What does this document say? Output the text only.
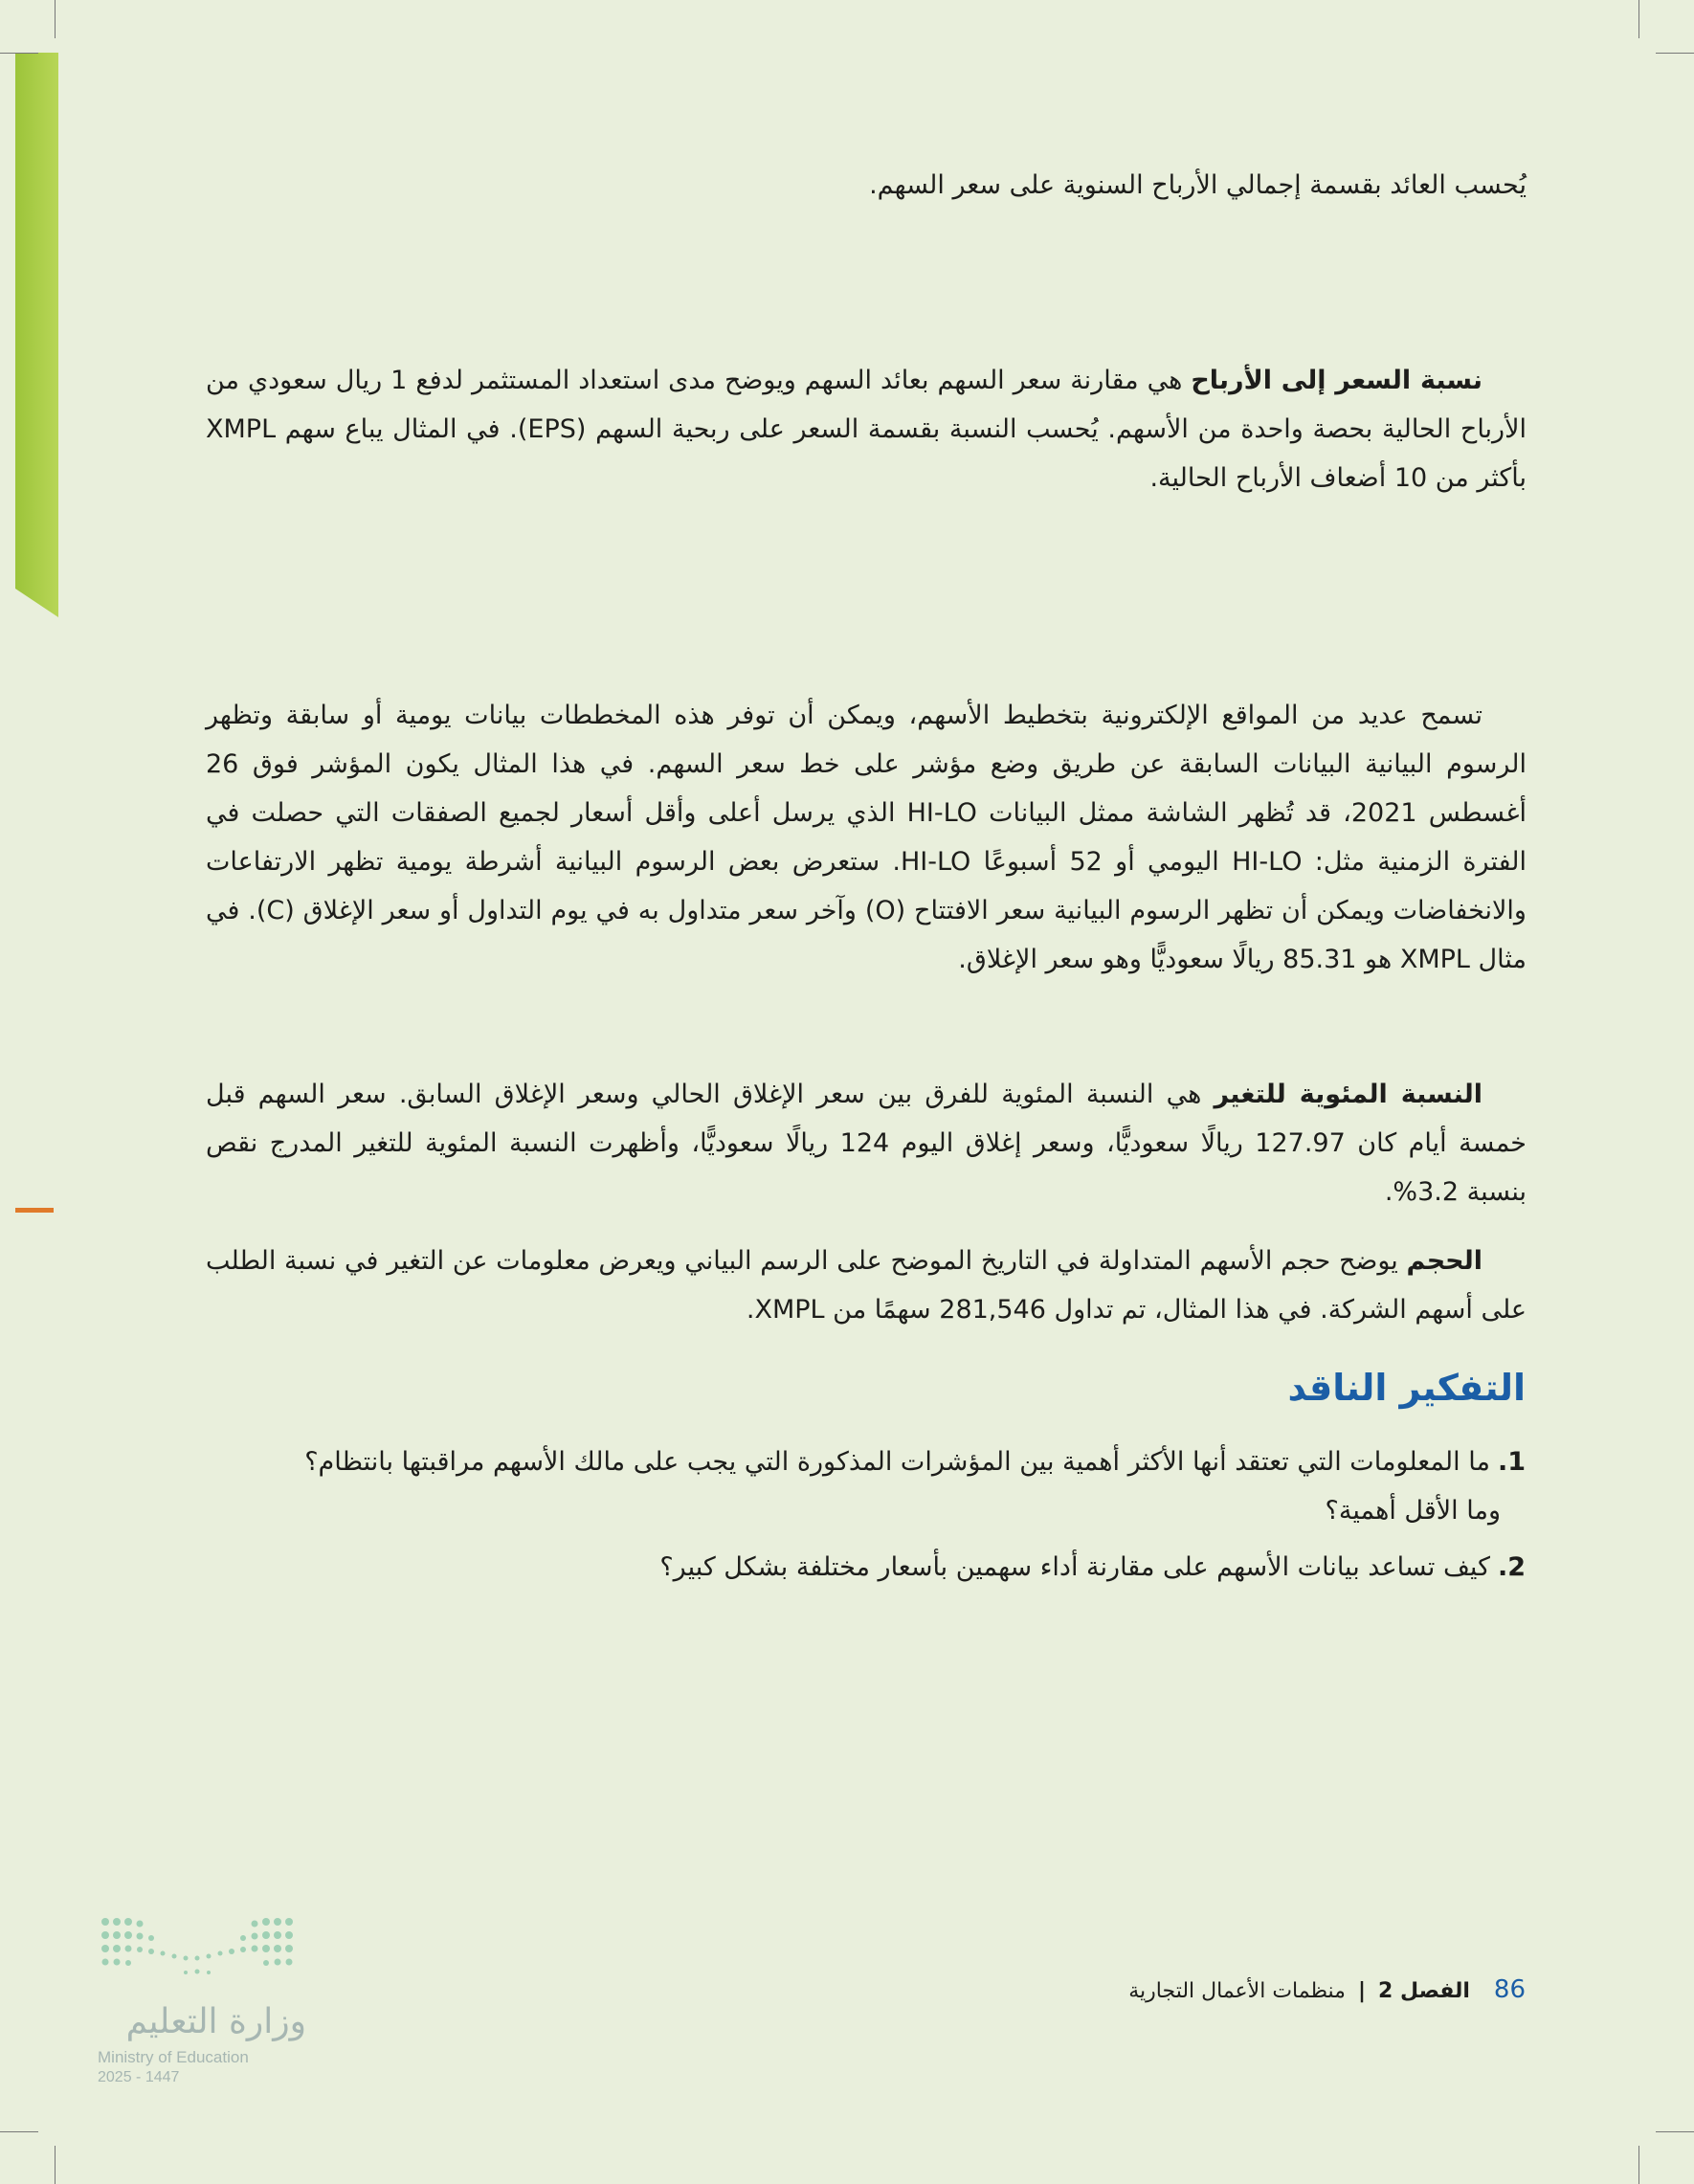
يُحسب العائد بقسمة إجمالي الأرباح السنوية على سعر السهم.
نسبة السعر إلى الأرباح هي مقارنة سعر السهم بعائد السهم ويوضح مدى استعداد المستثمر لدفع 1 ريال سعودي من الأرباح الحالية بحصة واحدة من الأسهم. يُحسب النسبة بقسمة السعر على ربحية السهم (EPS). في المثال يباع سهم XMPL بأكثر من 10 أضعاف الأرباح الحالية.
تسمح عديد من المواقع الإلكترونية بتخطيط الأسهم، ويمكن أن توفر هذه المخططات بيانات يومية أو سابقة وتظهر الرسوم البيانية البيانات السابقة عن طريق وضع مؤشر على خط سعر السهم. في هذا المثال يكون المؤشر فوق 26 أغسطس 2021، قد تُظهر الشاشة ممثل البيانات HI-LO الذي يرسل أعلى وأقل أسعار لجميع الصفقات التي حصلت في الفترة الزمنية مثل: HI-LO اليومي أو 52 أسبوعًا HI-LO. ستعرض بعض الرسوم البيانية أشرطة يومية تظهر الارتفاعات والانخفاضات ويمكن أن تظهر الرسوم البيانية سعر الافتتاح (O) وآخر سعر متداول به في يوم التداول أو سعر الإغلاق (C). في مثال XMPL هو 85.31 ريالًا سعوديًّا وهو سعر الإغلاق.
النسبة المئوية للتغير هي النسبة المئوية للفرق بين سعر الإغلاق الحالي وسعر الإغلاق السابق. سعر السهم قبل خمسة أيام كان 127.97 ريالًا سعوديًّا، وسعر إغلاق اليوم 124 ريالًا سعوديًّا، وأظهرت النسبة المئوية للتغير المدرج نقص بنسبة 3.2%.
الحجم يوضح حجم الأسهم المتداولة في التاريخ الموضح على الرسم البياني ويعرض معلومات عن التغير في نسبة الطلب على أسهم الشركة. في هذا المثال، تم تداول 281,546 سهمًا من XMPL.
التفكير الناقد
1.ما المعلومات التي تعتقد أنها الأكثر أهمية بين المؤشرات المذكورة التي يجب على مالك الأسهم مراقبتها بانتظام؟
وما الأقل أهمية؟
2.كيف تساعد بيانات الأسهم على مقارنة أداء سهمين بأسعار مختلفة بشكل كبير؟
86 الفصل 2 | منظمات الأعمال التجارية
وزارة التعليم
Ministry of Education
2025 - 1447
